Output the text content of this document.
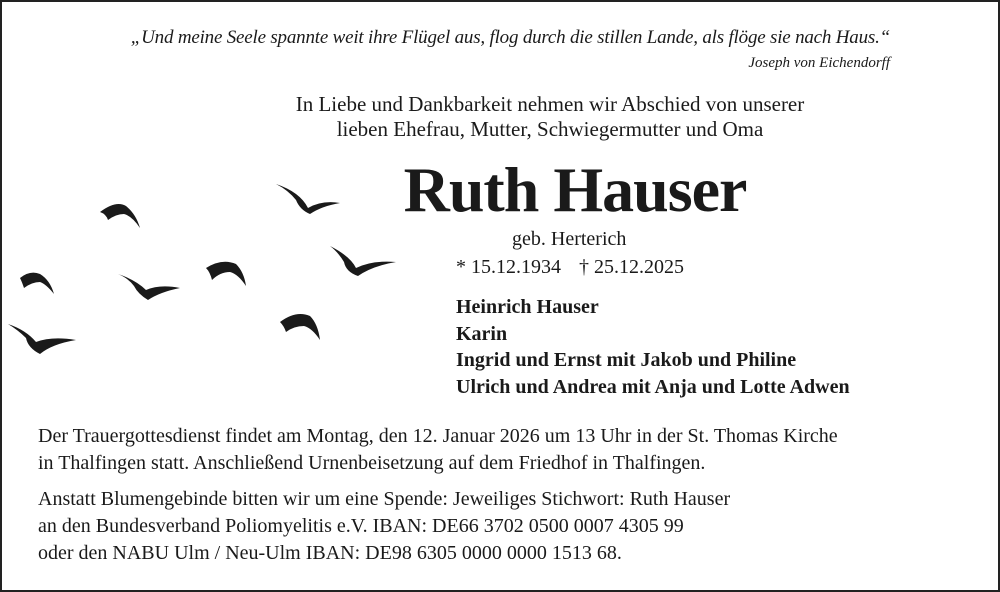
„Und meine Seele spannte weit ihre Flügel aus, flog durch die stillen Lande, als flöge sie nach Haus.“
Joseph von Eichendorff
In Liebe und Dankbarkeit nehmen wir Abschied von unserer
lieben Ehefrau, Mutter, Schwiegermutter und Oma
Ruth Hauser
geb. Herterich
* 15.12.1934 † 25.12.2025
Heinrich Hauser
Karin
Ingrid und Ernst mit Jakob und Philine
Ulrich und Andrea mit Anja und Lotte Adwen
Der Trauergottesdienst findet am Montag, den 12. Januar 2026 um 13 Uhr in der St. Thomas Kirche
in Thalfingen statt. Anschließend Urnenbeisetzung auf dem Friedhof in Thalfingen.
Anstatt Blumengebinde bitten wir um eine Spende: Jeweiliges Stichwort: Ruth Hauser
an den Bundesverband Poliomyelitis e.V. IBAN: DE66 3702 0500 0007 4305 99
oder den NABU Ulm / Neu-Ulm IBAN: DE98 6305 0000 0000 1513 68.
